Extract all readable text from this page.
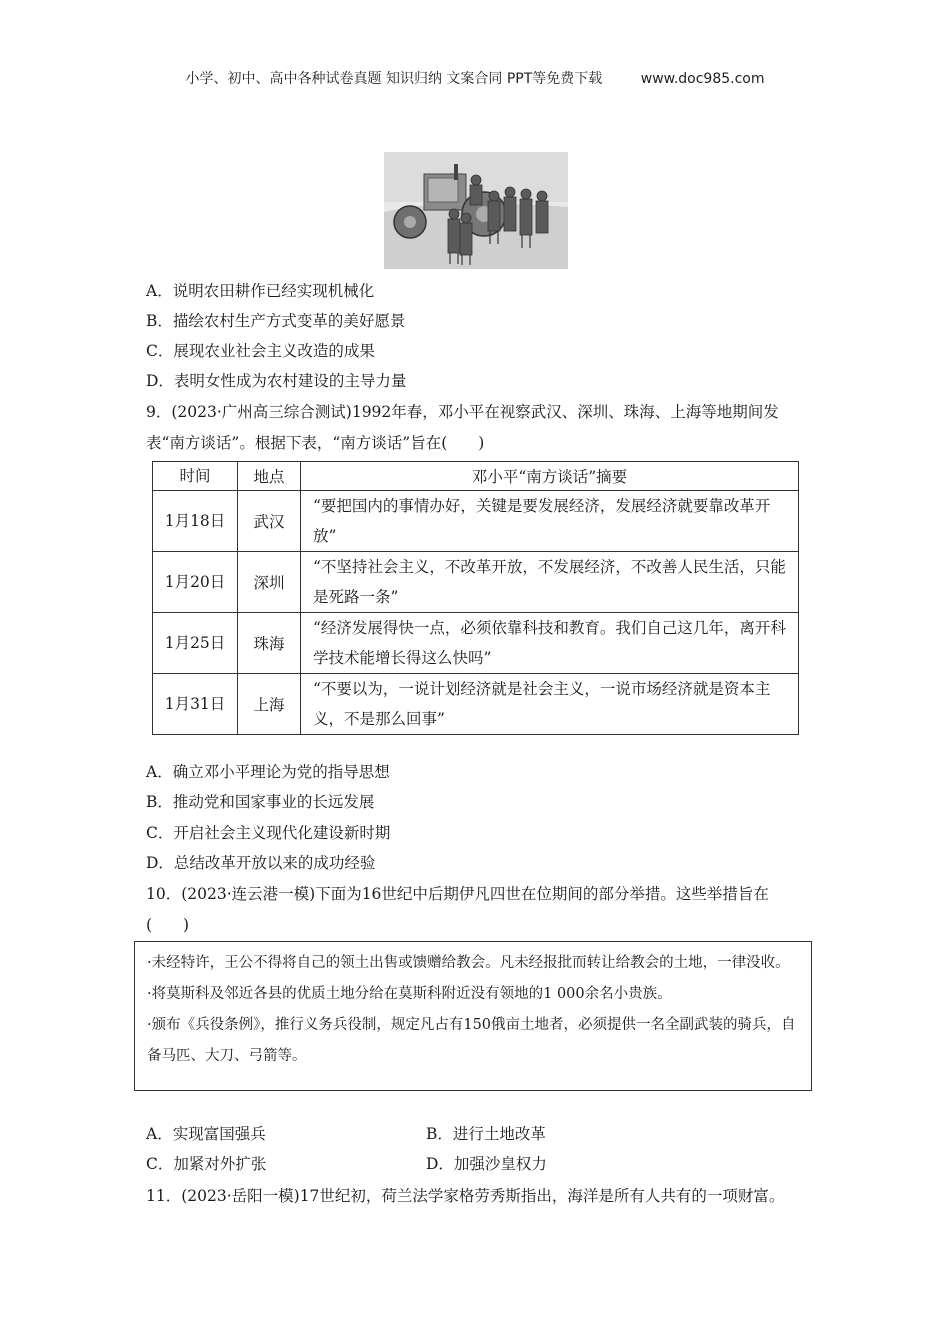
小学、初中、高中各种试卷真题 知识归纳 文案合同 PPT等免费下载	www.doc985.com
A．说明农田耕作已经实现机械化
B．描绘农村生产方式变革的美好愿景
C．展现农业社会主义改造的成果
D．表明女性成为农村建设的主导力量
9．(2023·广州高三综合测试)1992年春，邓小平在视察武汉、深圳、珠海、上海等地期间发表“南方谈话”。根据下表，“南方谈话”旨在(　　)
时间	地点	邓小平“南方谈话”摘要
1月18日	武汉	“要把国内的事情办好，关键是要发展经济，发展经济就要靠改革开放”
1月20日	深圳	“不坚持社会主义，不改革开放，不发展经济，不改善人民生活，只能是死路一条”
1月25日	珠海	“经济发展得快一点，必须依靠科技和教育。我们自己这几年，离开科学技术能增长得这么快吗”
1月31日	上海	“不要以为，一说计划经济就是社会主义，一说市场经济就是资本主义，不是那么回事”
A．确立邓小平理论为党的指导思想
B．推动党和国家事业的长远发展
C．开启社会主义现代化建设新时期
D．总结改革开放以来的成功经验
10．(2023·连云港一模)下面为16世纪中后期伊凡四世在位期间的部分举措。这些举措旨在(　　)

·未经特许，王公不得将自己的领土出售或馈赠给教会。凡未经报批而转让给教会的土地，一律没收。

·将莫斯科及邻近各县的优质土地分给在莫斯科附近没有领地的1 000余名小贵族。

·颁布《兵役条例》，推行义务兵役制，规定凡占有150俄亩土地者，必须提供一名全副武装的骑兵，自备马匹、大刀、弓箭等。

A．实现富国强兵	B．进行土地改革
C．加紧对外扩张	D．加强沙皇权力
11．(2023·岳阳一模)17世纪初，荷兰法学家格劳秀斯指出，海洋是所有人共有的一项财富。
